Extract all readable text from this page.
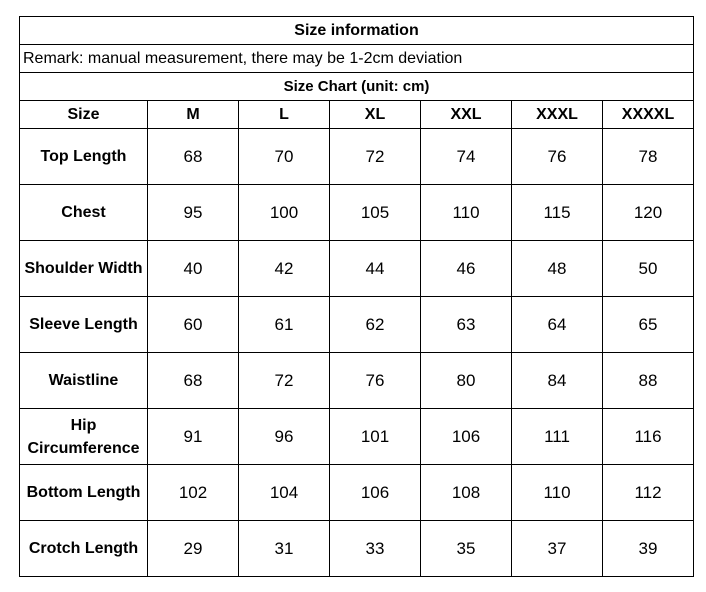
Size information						
Remark: manual measurement, there may be 1-2cm deviation						
Size Chart (unit: cm)						
Size	M	L	XL	XXL	XXXL	XXXXL
Top Length	68	70	72	74	76	78
Chest	95	100	105	110	115	120
Shoulder Width	40	42	44	46	48	50
Sleeve Length	60	61	62	63	64	65
Waistline	68	72	76	80	84	88
Hip Circumference	91	96	101	106	111	116
Bottom Length	102	104	106	108	110	112
Crotch Length	29	31	33	35	37	39
